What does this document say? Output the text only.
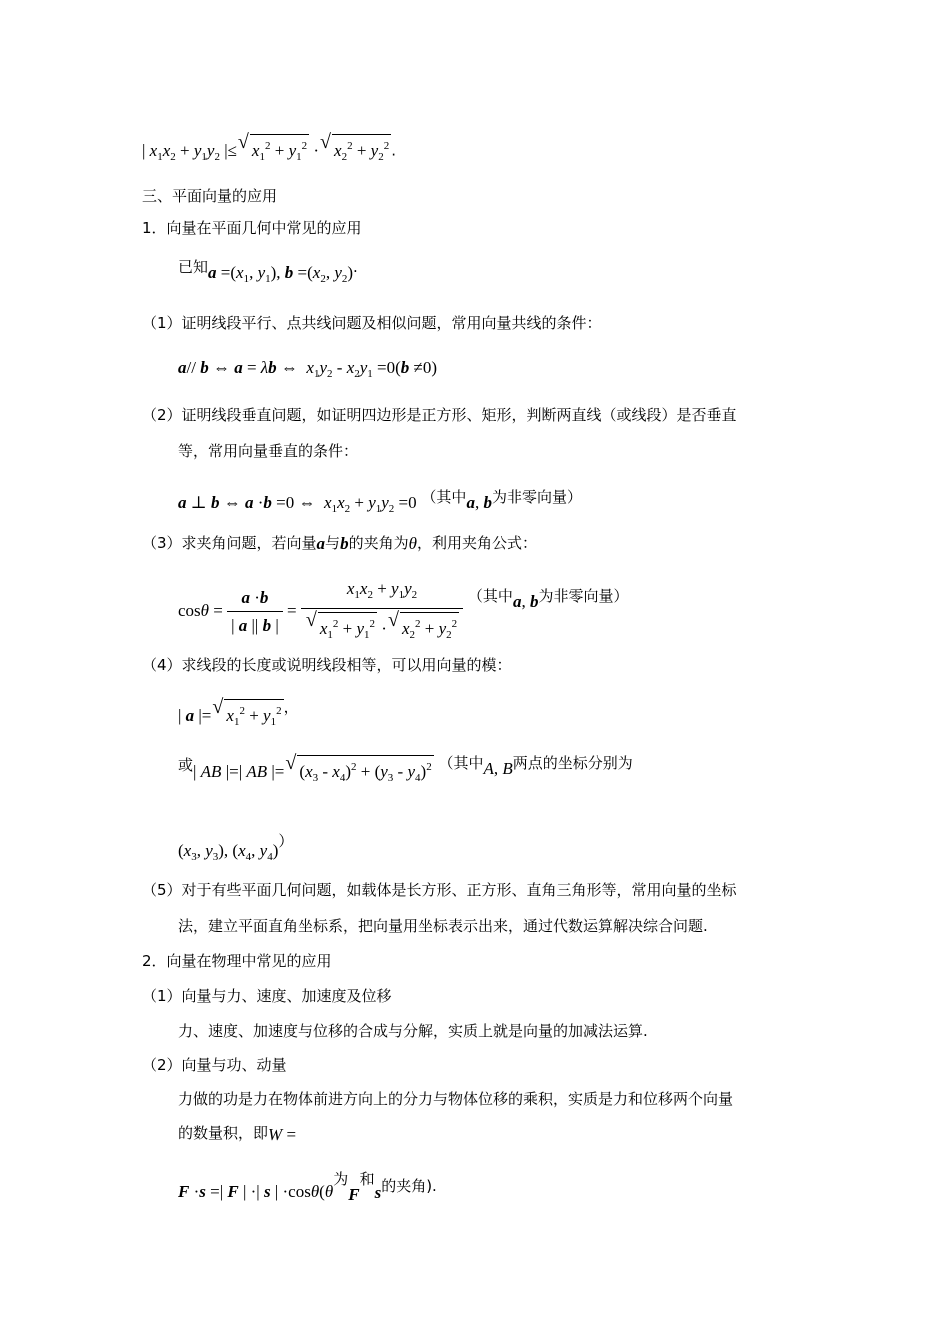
| $x_1x_2 + y_1y_2$ |≤ √ $x_1^2 + y_1^2$ · √ $x_2^2 + y_2^2$ .
三、平面向量的应用
1．向量在平面几何中常见的应用
已知$a =(x_1$, $y_1$), $b =(x_2$, $y_2$).
（1）证明线段平行、点共线问题及相似问题，常用向量共线的条件：
a// b ⇔ a = λb ⇔  $x_1y_2 - x_2y_1 =0(b \ne 0)$
（2）证明线段垂直问题，如证明四边形是正方形、矩形，判断两直线（或线段）是否垂直
等，常用向量垂直的条件：
a ⊥ b ⇔ a ·b =0 ⇔  $x_1x_2 + y_1y_2 =0$ （其中a, b为非零向量）
（3）求夹角问题，若向量a与b的夹角为θ，利用夹角公式：
$\cos\theta = \frac{a \cdot b}{| a || b |} = x_1x_2 + y_1y_2$
√ $x_1^2 + y_1^2$ · √ $x_2^2 + y_2^2$ （其中a, b为非零向量）
（4）求线段的长度或说明线段相等，可以用向量的模：
| a |= √ $x_1^2 + y_1^2$ ，
或| AB |=| AB |= √ $(x_3 - x_4)^2 + (y_3 - y_4)^2$ （其中A, B两点的坐标分别为
($x_3$, $y_3$), ($x_4$, $y_4$)）
（5）对于有些平面几何问题，如载体是长方形、正方形、直角三角形等，常用向量的坐标
法，建立平面直角坐标系，把向量用坐标表示出来，通过代数运算解决综合问题.
2．向量在物理中常见的应用
（1）向量与力、速度、加速度及位移
力、速度、加速度与位移的合成与分解，实质上就是向量的加减法运算.
（2）向量与功、动量
力做的功是力在物体前进方向上的分力与物体位移的乘积，实质是力和位移两个向量
的数量积，即W =
F ·s =| F | ·| s | ·cosθ(θ为F和s的夹角).
